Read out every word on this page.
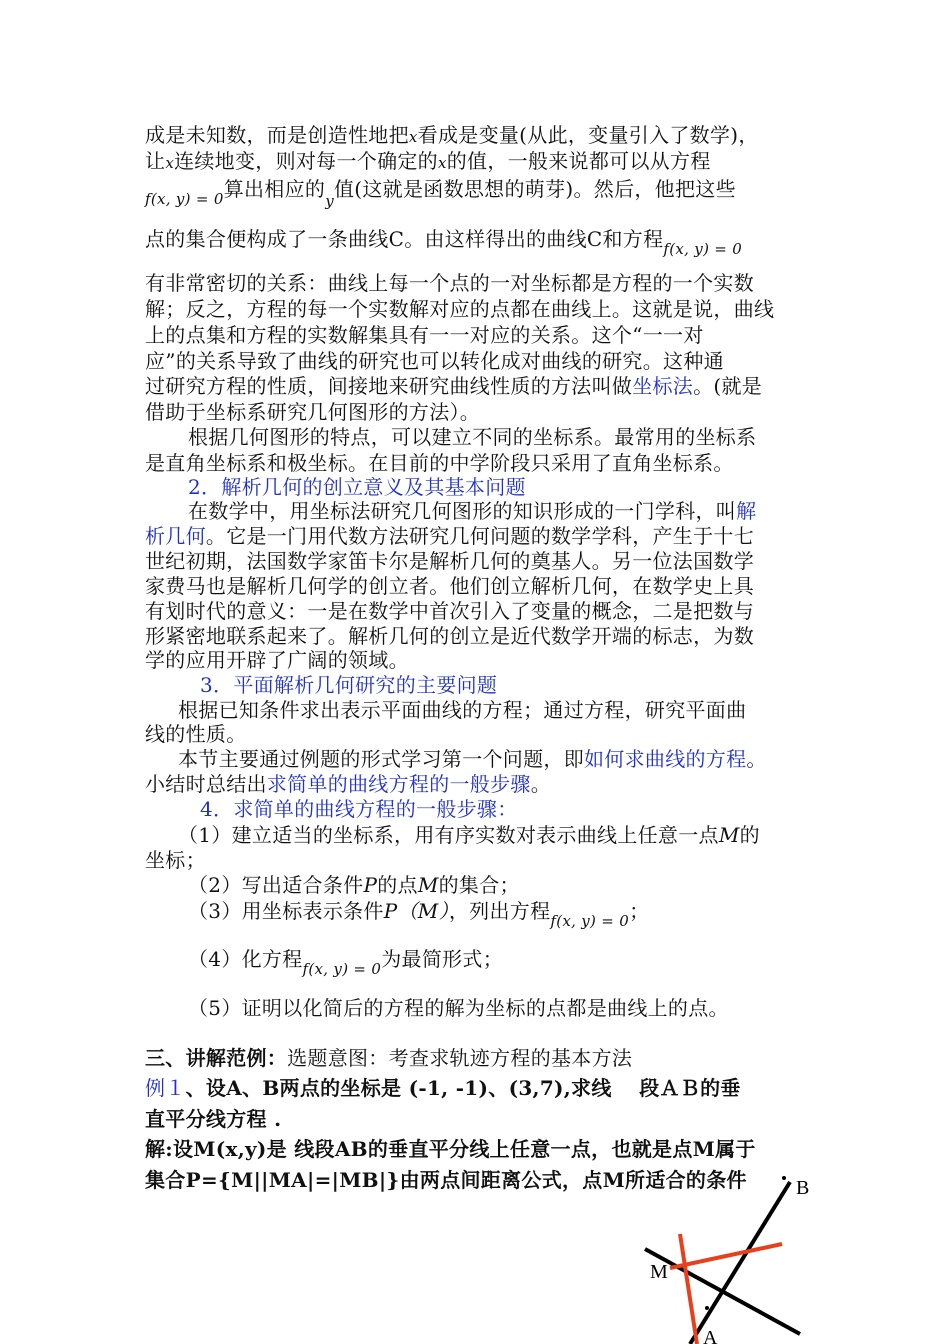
成是未知数，而是创造性地把x看成是变量(从此，变量引入了数学)，
让x连续地变，则对每一个确定的x的值，一般来说都可以从方程
$_{f(x, y) = 0}$算出相应的$_y$值(这就是函数思想的萌芽)。然后，他把这些
点的集合便构成了一条曲线C。由这样得出的曲线C和方程$_{f(x, y) = 0}$
有非常密切的关系：曲线上每一个点的一对坐标都是方程的一个实数
解；反之，方程的每一个实数解对应的点都在曲线上。这就是说，曲线
上的点集和方程的实数解集具有一一对应的关系。这个“一一对
应”的关系导致了曲线的研究也可以转化成对曲线的研究。这种通
过研究方程的性质，间接地来研究曲线性质的方法叫做坐标法。(就是
借助于坐标系研究几何图形的方法）。
根据几何图形的特点，可以建立不同的坐标系。最常用的坐标系
是直角坐标系和极坐标。在目前的中学阶段只采用了直角坐标系。
2．解析几何的创立意义及其基本问题
在数学中，用坐标法研究几何图形的知识形成的一门学科，叫解
析几何。它是一门用代数方法研究几何问题的数学学科，产生于十七
世纪初期，法国数学家笛卡尔是解析几何的奠基人。另一位法国数学
家费马也是解析几何学的创立者。他们创立解析几何，在数学史上具
有划时代的意义：一是在数学中首次引入了变量的概念，二是把数与
形紧密地联系起来了。解析几何的创立是近代数学开端的标志，为数
学的应用开辟了广阔的领域。
3．平面解析几何研究的主要问题
根据已知条件求出表示平面曲线的方程；通过方程，研究平面曲
线的性质。
本节主要通过例题的形式学习第一个问题，即如何求曲线的方程。
小结时总结出求简单的曲线方程的一般步骤。
4．求简单的曲线方程的一般步骤：
（1）建立适当的坐标系，用有序实数对表示曲线上任意一点M的
坐标；
（2）写出适合条件P的点M的集合；
（3）用坐标表示条件P（M），列出方程$_{f(x, y) = 0}$；
（4）化方程$_{f(x, y) = 0}$为最简形式；
（5）证明以化简后的方程的解为坐标的点都是曲线上的点。
三、讲解范例：选题意图：考查求轨迹方程的基本方法
例１、设A、B两点的坐标是 (-1, -1)、(3,7),求线　 段ＡＢ的垂
直平分线方程 .
解:设M(x,y)是 线段AB的垂直平分线上任意一点，也就是点M属于
集合P={M||MA|=|MB|}由两点间距离公式，点M所适合的条件 B
M
A
